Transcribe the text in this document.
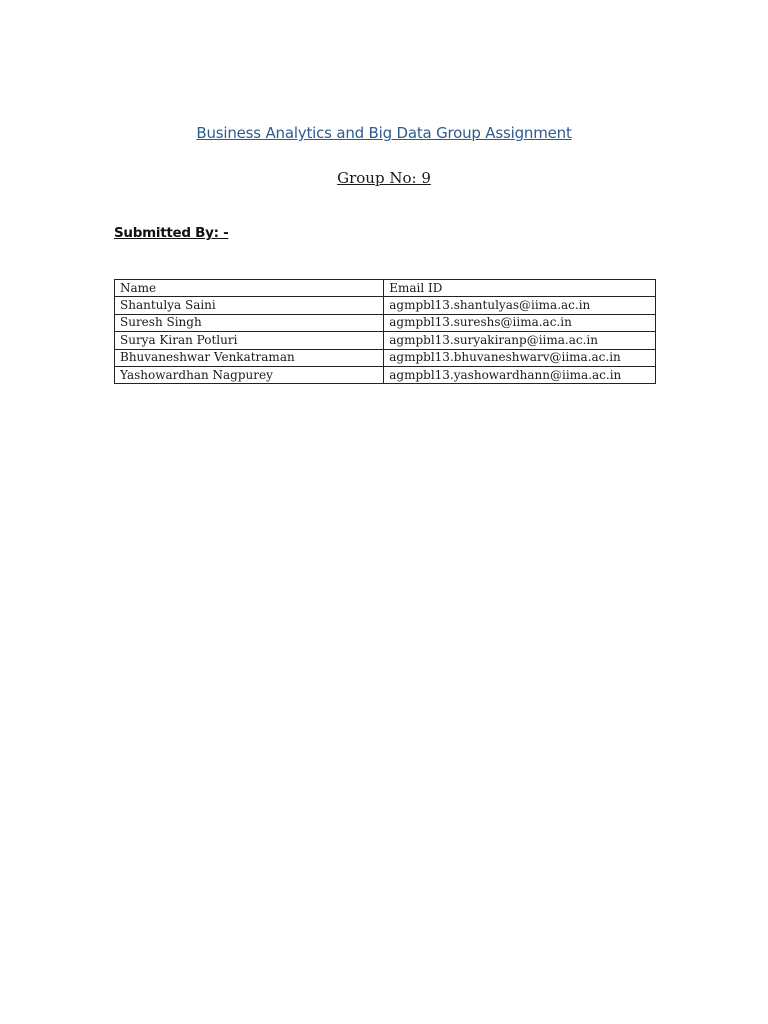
Business Analytics and Big Data Group Assignment
Group No: 9
Submitted By: -
Name	Email ID
Shantulya Saini	agmpbl13.shantulyas@iima.ac.in
Suresh Singh	agmpbl13.sureshs@iima.ac.in
Surya Kiran Potluri	agmpbl13.suryakiranp@iima.ac.in
Bhuvaneshwar Venkatraman	agmpbl13.bhuvaneshwarv@iima.ac.in
Yashowardhan Nagpurey	agmpbl13.yashowardhann@iima.ac.in
